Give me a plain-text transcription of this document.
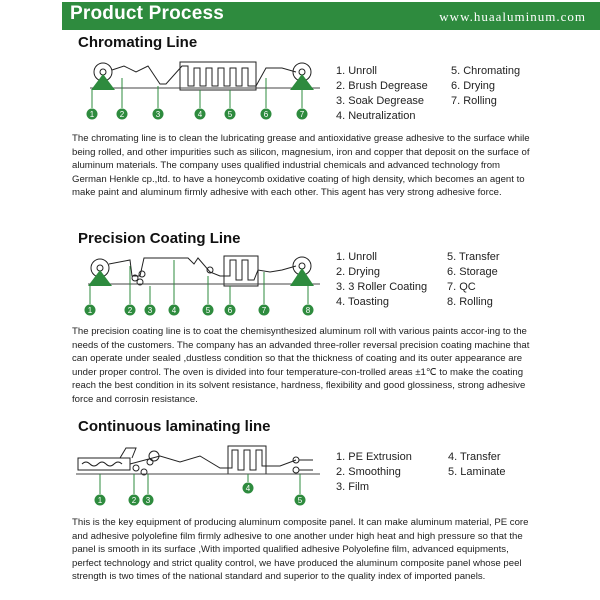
Product Process	www.huaaluminum.com
Chromating Line
1	2	3	4	5	6	7
1. Unroll
2. Brush Degrease
3. Soak Degrease
4. Neutralization
5. Chromating
6. Drying
7. Rolling
The chromating line is to clean the lubricating grease and antioxidative grease adhesive to the surface while being rolled, and other impurities such as silicon, magnesium, iron and copper that deposit on the surface of aluminum materials. The company uses qualified industrial chemicals and advanced technology from German Henkle cp.,ltd. to have a honeycomb oxidative coating of high density, which becomes an agent to make paint and aluminum firmly adhesive with each other. This agent has very strong adhesive force.
Precision Coating Line
1	2 3 4	5 6	7	8
1. Unroll
2. Drying
3. 3 Roller Coating
4. Toasting
5. Transfer
6. Storage
7. QC
8. Rolling
The precision coating line is to coat the chemisynthesized aluminum roll with various paints accor-ing to the needs of the customers. The company has an advanded three-roller reversal precision coating machine that can operate under sealed ,dustless condition so that the thickness of coating and its outer appearance are under proper control. The oven is divided into four temperature-con-trolled areas ±1℃ to make the coating reach the best condition in its solvent resistance, hardness, flexibility and good glossiness, strong adhesive force and corrosin resistance.
Continuous laminating line
1	2 3
4
5
1. PE Extrusion
2. Smoothing
3. Film
4. Transfer
5. Laminate
This is the key equipment of producing aluminum composite panel. It can make aluminum material, PE core and adhesive polyolefine film firmly adhesive to one another under high heat and high pressure so that the panel is smooth in its surface ,With imported qualified adhesive Polyolefine film, advanced equipments, perfect technology and strict quality control, we have produced the aluminum composite panel whose peel strength is two times of the national standard and superior to the quality index of imported panels.
